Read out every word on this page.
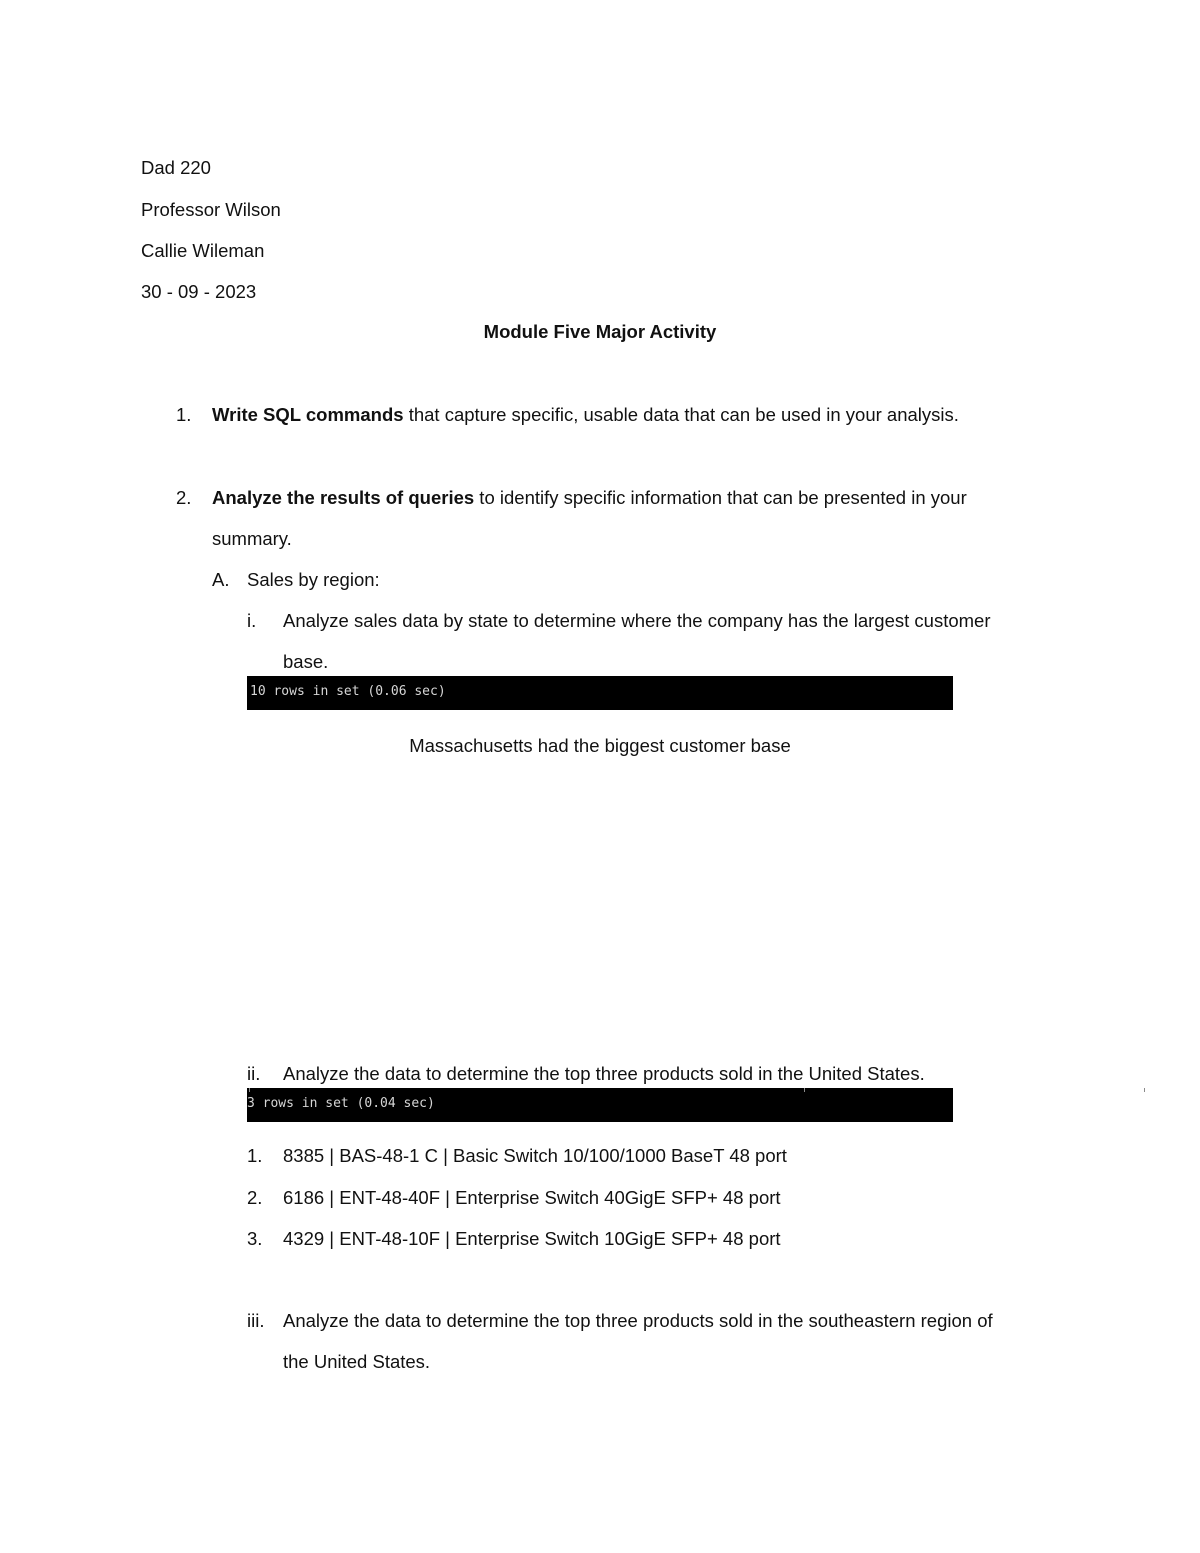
Dad 220
Professor Wilson
Callie Wileman
30 - 09 - 2023
Module Five Major Activity
1. Write SQL commands that capture specific, usable data that can be used in your analysis.
2. Analyze the results of queries to identify specific information that can be presented in your
summary.
A. Sales by region:
i. Analyze sales data by state to determine where the company has the largest customer
base.
10 rows in set (0.06 sec)
Massachusetts had the biggest customer base
ii. Analyze the data to determine the top three products sold in the United States.
3 rows in set (0.04 sec)
1. 8385 | BAS-48-1 C | Basic Switch 10/100/1000 BaseT 48 port
2. 6186 | ENT-48-40F | Enterprise Switch 40GigE SFP+ 48 port
3. 4329 | ENT-48-10F | Enterprise Switch 10GigE SFP+ 48 port
iii. Analyze the data to determine the top three products sold in the southeastern region of
the United States.
